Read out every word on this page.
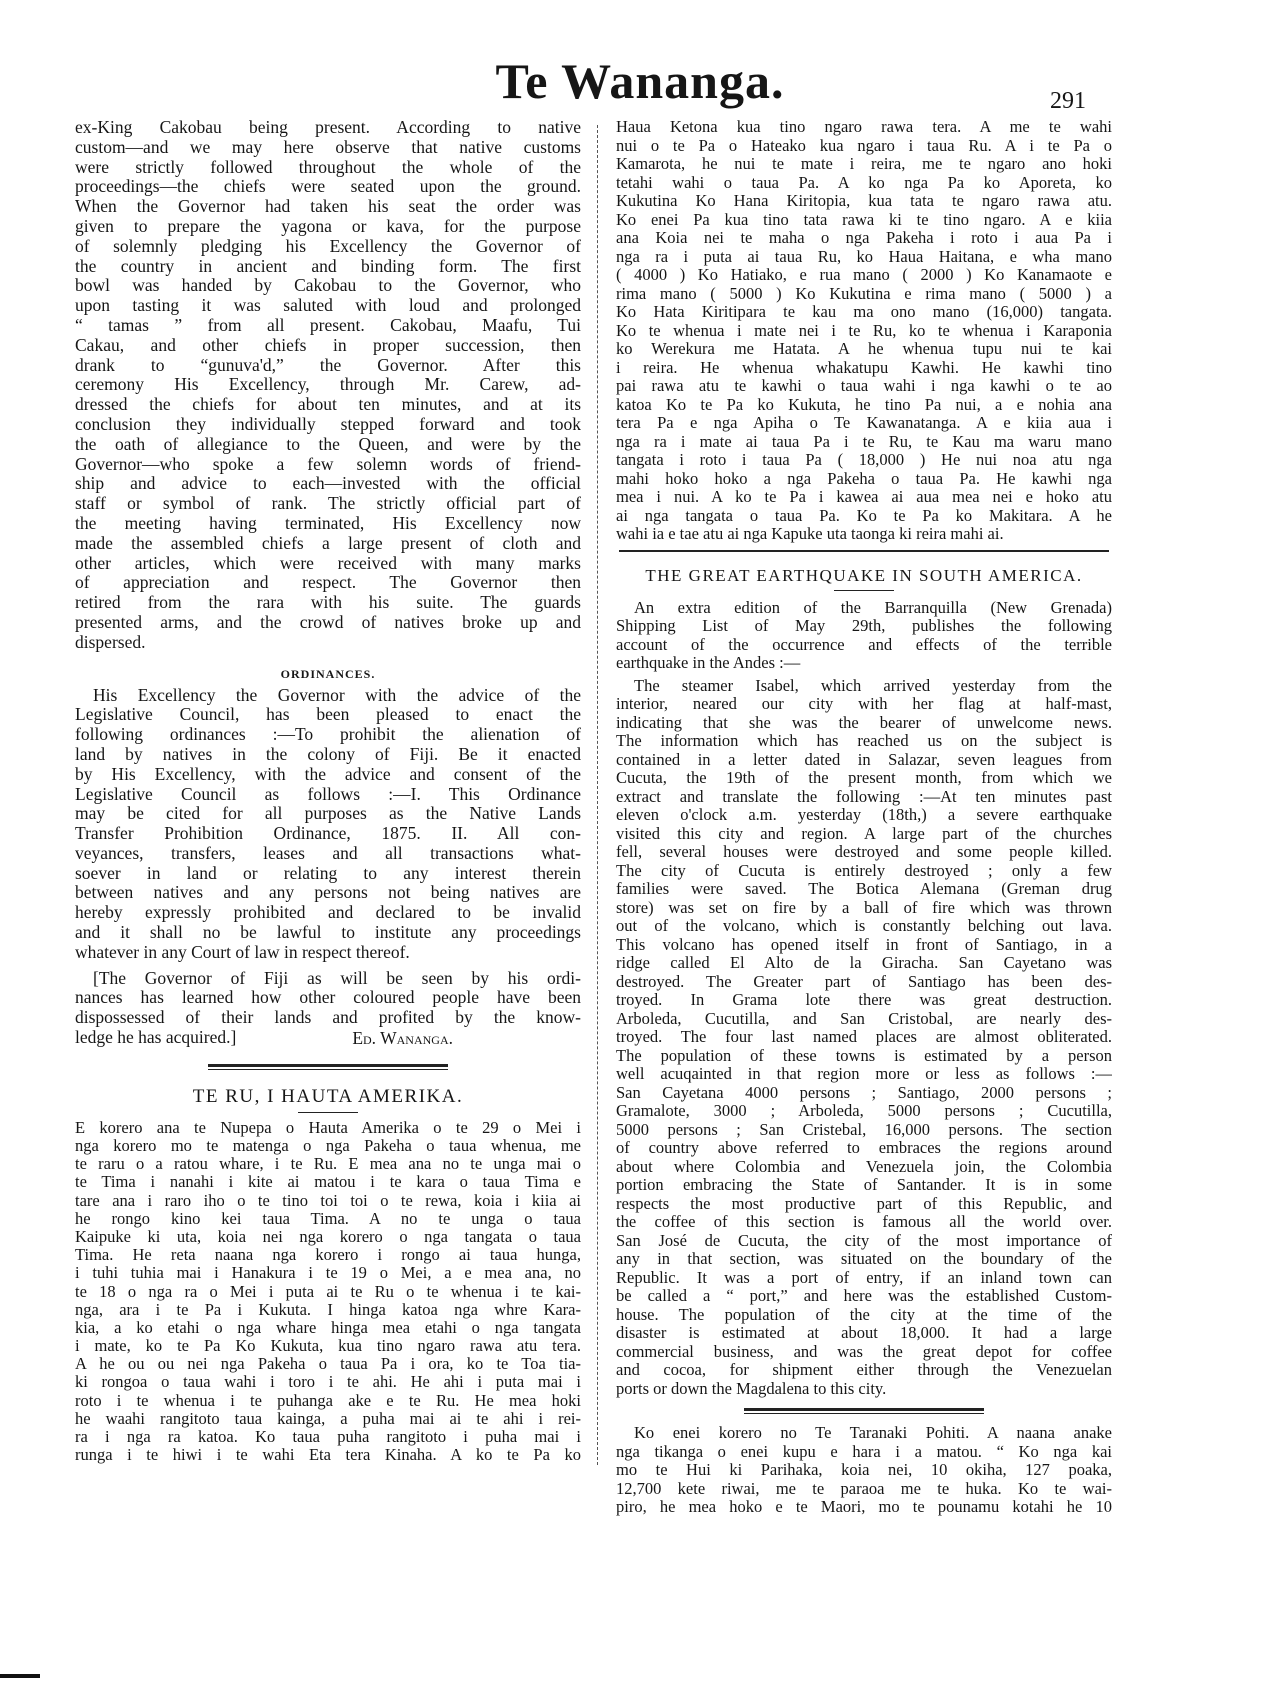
Te Wananga.	291
ex-King Cakobau being present. According to native
custom—and we may here observe that native customs
were strictly followed throughout the whole of the
proceedings—the chiefs were seated upon the ground.
When the Governor had taken his seat the order was
given to prepare the yagona or kava, for the purpose
of solemnly pledging his Excellency the Governor of
the country in ancient and binding form. The first
bowl was handed by Cakobau to the Governor, who
upon tasting it was saluted with loud and prolonged
“ tamas ” from all present. Cakobau, Maafu, Tui
Cakau, and other chiefs in proper succession, then
drank to “gunuva'd,” the Governor. After this
ceremony His Excellency, through Mr. Carew, ad-
dressed the chiefs for about ten minutes, and at its
conclusion they individually stepped forward and took
the oath of allegiance to the Queen, and were by the
Governor—who spoke a few solemn words of friend-
ship and advice to each—invested with the official
staff or symbol of rank. The strictly official part of
the meeting having terminated, His Excellency now
made the assembled chiefs a large present of cloth and
other articles, which were received with many marks
of appreciation and respect. The Governor then
retired from the rara with his suite. The guards
presented arms, and the crowd of natives broke up and
dispersed.
ORDINANCES.
His Excellency the Governor with the advice of the
Legislative Council, has been pleased to enact the
following ordinances :—To prohibit the alienation of
land by natives in the colony of Fiji. Be it enacted
by His Excellency, with the advice and consent of the
Legislative Council as follows :—I. This Ordinance
may be cited for all purposes as the Native Lands
Transfer Prohibition Ordinance, 1875. II. All con-
veyances, transfers, leases and all transactions what-
soever in land or relating to any interest therein
between natives and any persons not being natives are
hereby expressly prohibited and declared to be invalid
and it shall no be lawful to institute any proceedings
whatever in any Court of law in respect thereof.
[The Governor of Fiji as will be seen by his ordi-
nances has learned how other coloured people have been
dispossessed of their lands and profited by the know-
ledge he has acquired.]	Ed. Wananga.
TE RU, I HAUTA AMERIKA.
E korero ana te Nupepa o Hauta Amerika o te 29 o Mei i
nga korero mo te matenga o nga Pakeha o taua whenua, me
te raru o a ratou whare, i te Ru. E mea ana no te unga mai o
te Tima i nanahi i kite ai matou i te kara o taua Tima e
tare ana i raro iho o te tino toi toi o te rewa, koia i kiia ai
he rongo kino kei taua Tima. A no te unga o taua
Kaipuke ki uta, koia nei nga korero o nga tangata o taua
Tima. He reta naana nga korero i rongo ai taua hunga,
i tuhi tuhia mai i Hanakura i te 19 o Mei, a e mea ana, no
te 18 o nga ra o Mei i puta ai te Ru o te whenua i te kai-
nga, ara i te Pa i Kukuta. I hinga katoa nga whre Kara-
kia, a ko etahi o nga whare hinga mea etahi o nga tangata
i mate, ko te Pa Ko Kukuta, kua tino ngaro rawa atu tera.
A he ou ou nei nga Pakeha o taua Pa i ora, ko te Toa tia-
ki rongoa o taua wahi i toro i te ahi. He ahi i puta mai i
roto i te whenua i te puhanga ake e te Ru. He mea hoki
he waahi rangitoto taua kainga, a puha mai ai te ahi i rei-
ra i nga ra katoa. Ko taua puha rangitoto i puha mai i
runga i te hiwi i te wahi Eta tera Kinaha. A ko te Pa ko
Haua Ketona kua tino ngaro rawa tera. A me te wahi
nui o te Pa o Hateako kua ngaro i taua Ru. A i te Pa o
Kamarota, he nui te mate i reira, me te ngaro ano hoki
tetahi wahi o taua Pa. A ko nga Pa ko Aporeta, ko
Kukutina Ko Hana Kiritopia, kua tata te ngaro rawa atu.
Ko enei Pa kua tino tata rawa ki te tino ngaro. A e kiia
ana Koia nei te maha o nga Pakeha i roto i aua Pa i
nga ra i puta ai taua Ru, ko Haua Haitana, e wha mano
( 4000 ) Ko Hatiako, e rua mano ( 2000 ) Ko Kanamaote e
rima mano ( 5000 ) Ko Kukutina e rima mano ( 5000 ) a
Ko Hata Kiritipara te kau ma ono mano (16,000) tangata.
Ko te whenua i mate nei i te Ru, ko te whenua i Karaponia
ko Werekura me Hatata. A he whenua tupu nui te kai
i reira. He whenua whakatupu Kawhi. He kawhi tino
pai rawa atu te kawhi o taua wahi i nga kawhi o te ao
katoa Ko te Pa ko Kukuta, he tino Pa nui, a e nohia ana
tera Pa e nga Apiha o Te Kawanatanga. A e kiia aua i
nga ra i mate ai taua Pa i te Ru, te Kau ma waru mano
tangata i roto i taua Pa ( 18,000 ) He nui noa atu nga
mahi hoko hoko a nga Pakeha o taua Pa. He kawhi nga
mea i nui. A ko te Pa i kawea ai aua mea nei e hoko atu
ai nga tangata o taua Pa. Ko te Pa ko Makitara. A he
wahi ia e tae atu ai nga Kapuke uta taonga ki reira mahi ai.
THE GREAT EARTHQUAKE IN SOUTH AMERICA.
An extra edition of the Barranquilla (New Grenada)
Shipping List of May 29th, publishes the following
account of the occurrence and effects of the terrible
earthquake in the Andes :—
The steamer Isabel, which arrived yesterday from the
interior, neared our city with her flag at half-mast,
indicating that she was the bearer of unwelcome news.
The information which has reached us on the subject is
contained in a letter dated in Salazar, seven leagues from
Cucuta, the 19th of the present month, from which we
extract and translate the following :—At ten minutes past
eleven o'clock a.m. yesterday (18th,) a severe earthquake
visited this city and region. A large part of the churches
fell, several houses were destroyed and some people killed.
The city of Cucuta is entirely destroyed ; only a few
families were saved. The Botica Alemana (Greman drug
store) was set on fire by a ball of fire which was thrown
out of the volcano, which is constantly belching out lava.
This volcano has opened itself in front of Santiago, in a
ridge called El Alto de la Giracha. San Cayetano was
destroyed. The Greater part of Santiago has been des-
troyed. In Grama lote there was great destruction.
Arboleda, Cucutilla, and San Cristobal, are nearly des-
troyed. The four last named places are almost obliterated.
The population of these towns is estimated by a person
well acuqainted in that region more or less as follows :—
San Cayetana 4000 persons ; Santiago, 2000 persons ;
Gramalote, 3000 ; Arboleda, 5000 persons ; Cucutilla,
5000 persons ; San Cristebal, 16,000 persons. The section
of country above referred to embraces the regions around
about where Colombia and Venezuela join, the Colombia
portion embracing the State of Santander. It is in some
respects the most productive part of this Republic, and
the coffee of this section is famous all the world over.
San José de Cucuta, the city of the most importance of
any in that section, was situated on the boundary of the
Republic. It was a port of entry, if an inland town can
be called a “ port,” and here was the established Custom-
house. The population of the city at the time of the
disaster is estimated at about 18,000. It had a large
commercial business, and was the great depot for coffee
and cocoa, for shipment either through the Venezuelan
ports or down the Magdalena to this city.
Ko enei korero no Te Taranaki Pohiti. A naana anake
nga tikanga o enei kupu e hara i a matou. “ Ko nga kai
mo te Hui ki Parihaka, koia nei, 10 okiha, 127 poaka,
12,700 kete riwai, me te paraoa me te huka. Ko te wai-
piro, he mea hoko e te Maori, mo te pounamu kotahi he 10
